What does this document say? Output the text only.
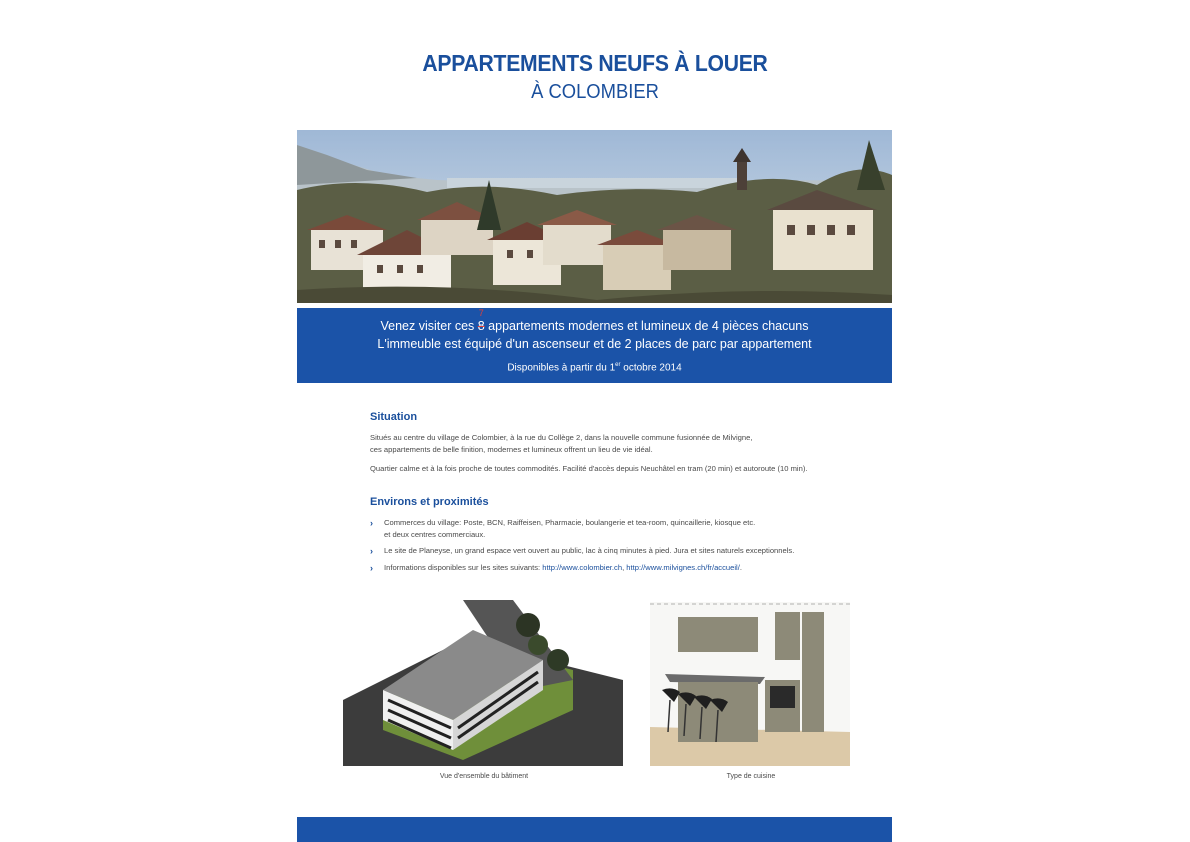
APPARTEMENTS NEUFS À LOUER
À COLOMBIER
Venez visiter ces 8
7
appartements modernes et lumineux de 4 pièces chacuns
L'immeuble est équipé d'un ascenseur et de 2 places de parc par appartement
Disponibles à partir du 1er octobre 2014
Situation
Situés au centre du village de Colombier, à la rue du Collège 2, dans la nouvelle commune fusionnée de Milvigne,
ces appartements de belle finition, modernes et lumineux offrent un lieu de vie idéal.
Quartier calme et à la fois proche de toutes commodités. Facilité d'accès depuis Neuchâtel en tram (20 min) et autoroute (10 min).
Environs et proximités
› Commerces du village: Poste, BCN, Raiffeisen, Pharmacie, boulangerie et tea-room, quincaillerie, kiosque etc.
et deux centres commerciaux.
› Le site de Planeyse, un grand espace vert ouvert au public, lac à cinq minutes à pied. Jura et sites naturels exceptionnels.
› Informations disponibles sur les sites suivants: http://www.colombier.ch, http://www.milvignes.ch/fr/accueil/.
Vue d'ensemble du bâtiment	Type de cuisine
